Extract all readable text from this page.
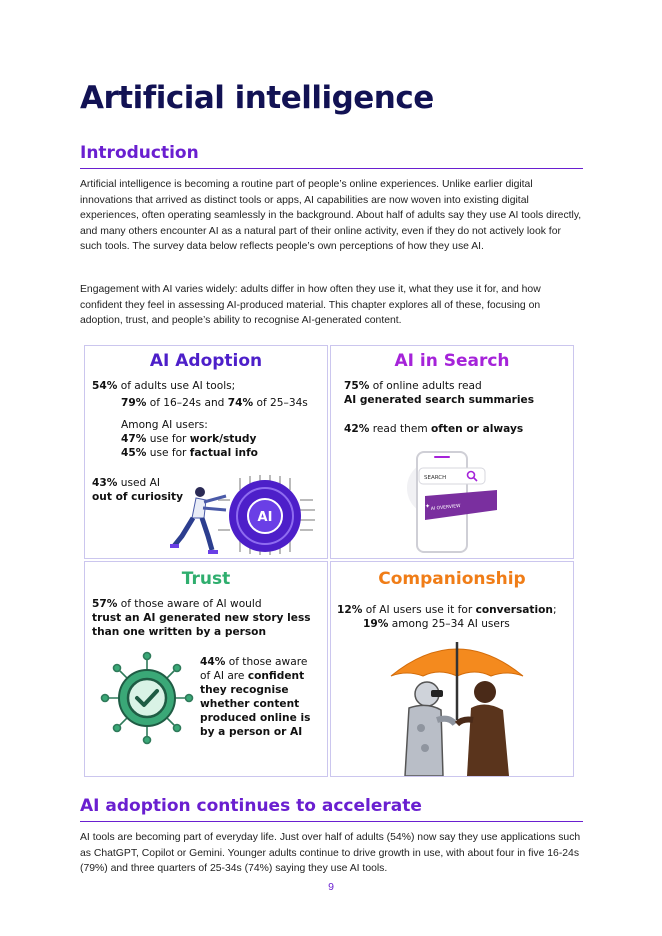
Artificial intelligence
Introduction

Artificial intelligence is becoming a routine part of people’s online experiences. Unlike earlier digital innovations that arrived as distinct tools or apps, AI capabilities are now woven into existing digital experiences, often operating seamlessly in the background. About half of adults say they use AI tools directly, and many others encounter AI as a natural part of their online activity, even if they do not actively look for such tools. The survey data below reflects people’s own perceptions of how they use AI.

Engagement with AI varies widely: adults differ in how often they use it, what they use it for, and how confident they feel in assessing AI-produced material. This chapter explores all of these, focusing on adoption, trust, and people’s ability to recognise AI-generated content.

AI Adoption
54% of adults use AI tools;
79% of 16–24s and 74% of 25–34s
Among AI users:
47% use for work/study
45% use for factual info
43% used AI
out of curiosity
AI
AI in Search
75% of online adults read
AI generated search summaries
42% read them often or always
SEARCH
AI OVERVIEW
✦
Trust
57% of those aware of AI would
trust an AI generated new story less
than one written by a person
44% of those aware
of AI are confident
they recognise
whether content
produced online is
by a person or AI
Companionship
12% of AI users use it for conversation;
19% among 25–34 AI users
AI adoption continues to accelerate

AI tools are becoming part of everyday life. Just over half of adults (54%) now say they use applications such as ChatGPT, Copilot or Gemini. Younger adults continue to drive growth in use, with about four in five 16-24s (79%) and three quarters of 25-34s (74%) saying they use AI tools.

9
